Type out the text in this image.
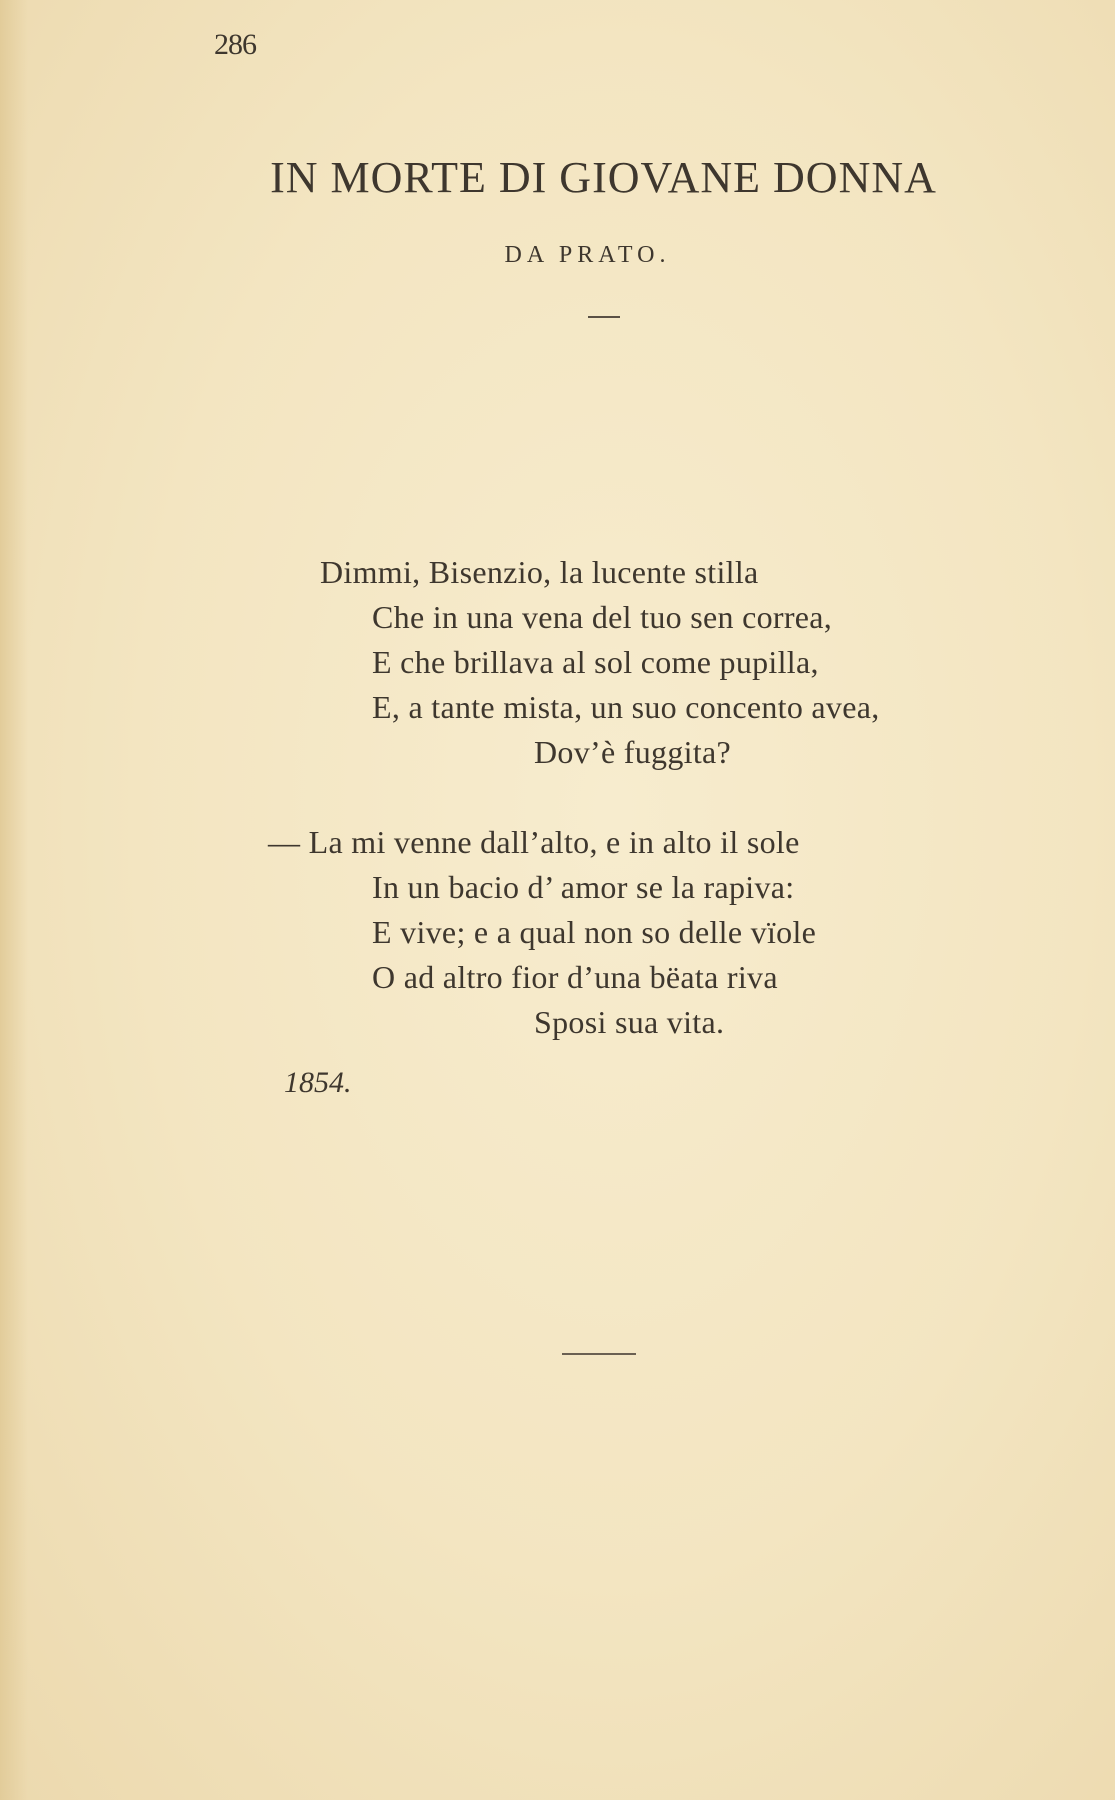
286
IN MORTE DI GIOVANE DONNA
DA PRATO.
Dimmi, Bisenzio, la lucente stilla
Che in una vena del tuo sen correa,
E che brillava al sol come pupilla,
E, a tante mista, un suo concento avea,
Dov’è fuggita?
— La mi venne dall’alto, e in alto il sole
In un bacio d’ amor se la rapiva:
E vive; e a qual non so delle vïole
O ad altro fior d’una bëata riva
Sposi sua vita.
1854.
